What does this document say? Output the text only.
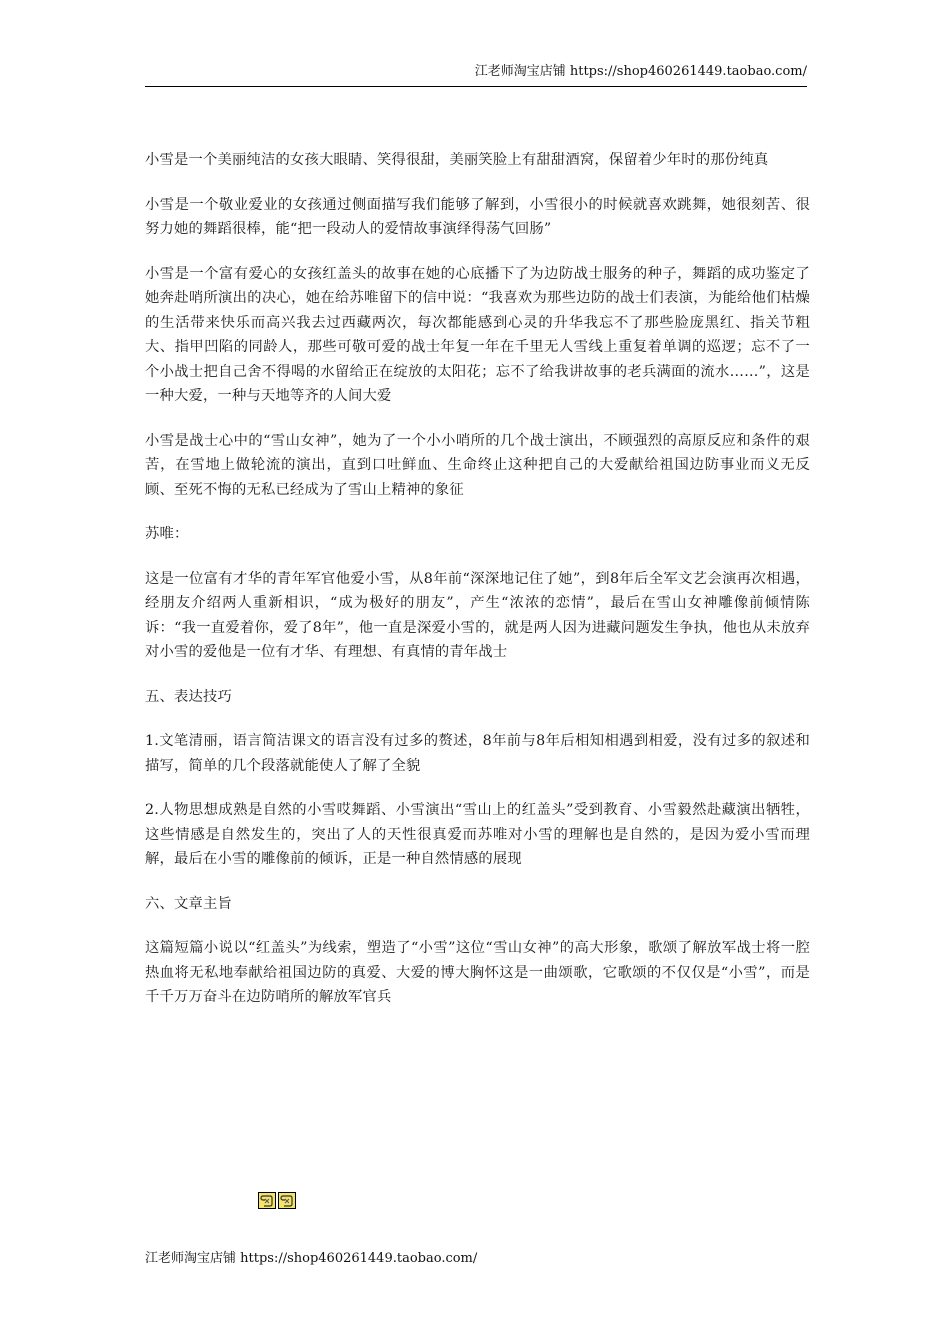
江老师淘宝店铺 https://shop460261449.taobao.com/

小雪是一个美丽纯洁的女孩大眼睛、笑得很甜，美丽笑脸上有甜甜酒窝，保留着少年时的那份纯真

小雪是一个敬业爱业的女孩通过侧面描写我们能够了解到，小雪很小的时候就喜欢跳舞，她很刻苦、很努力她的舞蹈很棒，能“把一段动人的爱情故事演绎得荡气回肠”

小雪是一个富有爱心的女孩红盖头的故事在她的心底播下了为边防战士服务的种子，舞蹈的成功鉴定了她奔赴哨所演出的决心，她在给苏唯留下的信中说：“我喜欢为那些边防的战士们表演，为能给他们枯燥的生活带来快乐而高兴我去过西藏两次，每次都能感到心灵的升华我忘不了那些脸庞黑红、指关节粗大、指甲凹陷的同龄人，那些可敬可爱的战士年复一年在千里无人雪线上重复着单调的巡逻；忘不了一个小战士把自己舍不得喝的水留给正在绽放的太阳花；忘不了给我讲故事的老兵满面的流水……”，这是一种大爱，一种与天地等齐的人间大爱

小雪是战士心中的“雪山女神”，她为了一个小小哨所的几个战士演出，不顾强烈的高原反应和条件的艰苦，在雪地上做轮流的演出，直到口吐鲜血、生命终止这种把自己的大爱献给祖国边防事业而义无反顾、至死不悔的无私已经成为了雪山上精神的象征

苏唯：

这是一位富有才华的青年军官他爱小雪，从8年前“深深地记住了她”，到8年后全军文艺会演再次相遇，经朋友介绍两人重新相识，“成为极好的朋友”，产生“浓浓的恋情”，最后在雪山女神雕像前倾情陈诉：“我一直爱着你，爱了8年”，他一直是深爱小雪的，就是两人因为进藏问题发生争执，他也从未放弃对小雪的爱他是一位有才华、有理想、有真情的青年战士

五、表达技巧

1.文笔清丽，语言简洁课文的语言没有过多的赘述，8年前与8年后相知相遇到相爱，没有过多的叙述和描写，简单的几个段落就能使人了解了全貌

2.人物思想成熟是自然的小雪哎舞蹈、小雪演出“雪山上的红盖头”受到教育、小雪毅然赴藏演出牺牲，这些情感是自然发生的，突出了人的天性很真爱而苏唯对小雪的理解也是自然的，是因为爱小雪而理解，最后在小雪的雕像前的倾诉，正是一种自然情感的展现

六、文章主旨

这篇短篇小说以“红盖头”为线索，塑造了“小雪”这位“雪山女神”的高大形象，歌颂了解放军战士将一腔热血将无私地奉献给祖国边防的真爱、大爱的博大胸怀这是一曲颂歌，它歌颂的不仅仅是“小雪”，而是千千万万奋斗在边防哨所的解放军官兵

江老师淘宝店铺 https://shop460261449.taobao.com/
